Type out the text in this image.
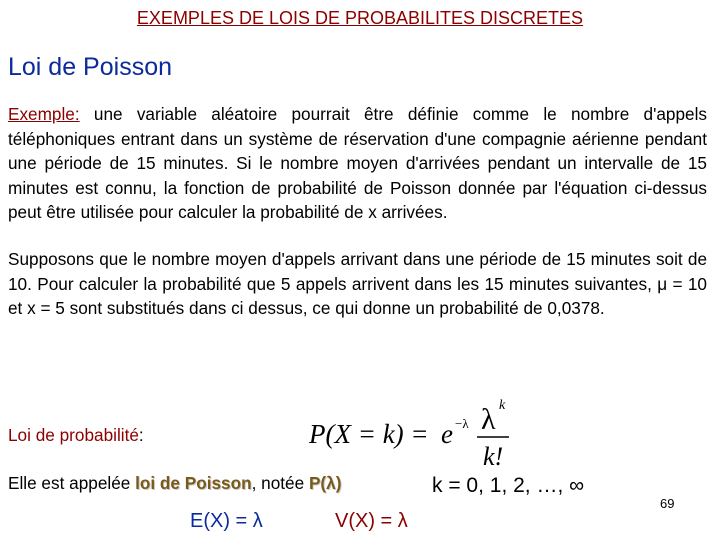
EXEMPLES DE LOIS DE PROBABILITES DISCRETES
Loi de Poisson
Exemple: une variable aléatoire pourrait être définie comme le nombre d'appels téléphoniques entrant dans un système de réservation d'une compagnie aérienne pendant une période de 15 minutes. Si le nombre moyen d'arrivées pendant un intervalle de 15 minutes est connu, la fonction de probabilité de Poisson donnée par l'équation ci-dessus peut être utilisée pour calculer la probabilité de x arrivées.
Supposons que le nombre moyen d'appels arrivant dans une période de 15 minutes soit de 10. Pour calculer la probabilité que 5 appels arrivent dans les 15 minutes suivantes, μ = 10 et x = 5 sont substitués dans ci dessus, ce qui donne un probabilité de 0,0378.
Loi de probabilité:	P(X = k) = e −λ λ k
k!
Elle est appelée loi de Poisson, notée P(λ)	k = 0, 1, 2, …, ∞
E(X) = λ	V(X) = λ
69
